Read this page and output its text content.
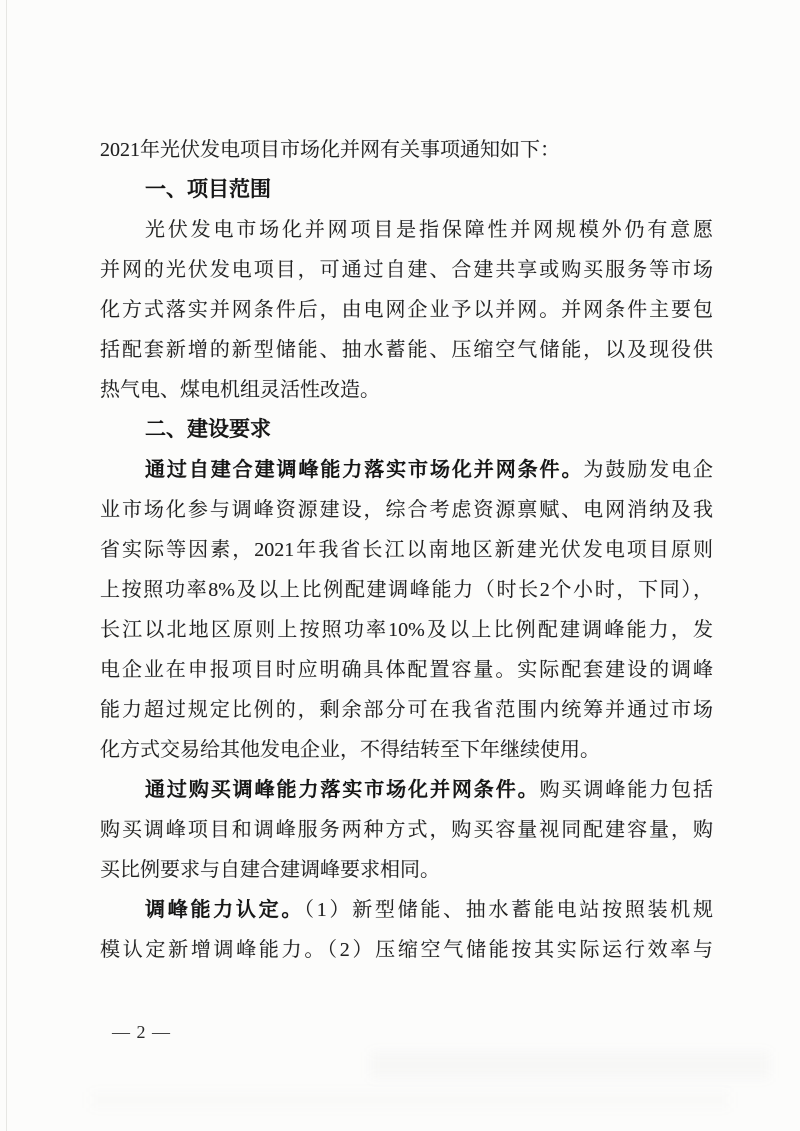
2021年光伏发电项目市场化并网有关事项通知如下：
一、项目范围
光伏发电市场化并网项目是指保障性并网规模外仍有意愿
并网的光伏发电项目，可通过自建、合建共享或购买服务等市场
化方式落实并网条件后，由电网企业予以并网。并网条件主要包
括配套新增的新型储能、抽水蓄能、压缩空气储能，以及现役供
热气电、煤电机组灵活性改造。
二、建设要求
通过自建合建调峰能力落实市场化并网条件。为鼓励发电企
业市场化参与调峰资源建设，综合考虑资源禀赋、电网消纳及我
省实际等因素，2021年我省长江以南地区新建光伏发电项目原则
上按照功率8%及以上比例配建调峰能力（时长2个小时，下同），
长江以北地区原则上按照功率10%及以上比例配建调峰能力，发
电企业在申报项目时应明确具体配置容量。实际配套建设的调峰
能力超过规定比例的，剩余部分可在我省范围内统筹并通过市场
化方式交易给其他发电企业，不得结转至下年继续使用。
通过购买调峰能力落实市场化并网条件。购买调峰能力包括
购买调峰项目和调峰服务两种方式，购买容量视同配建容量，购
买比例要求与自建合建调峰要求相同。
调峰能力认定。（1）新型储能、抽水蓄能电站按照装机规
模认定新增调峰能力。（2）压缩空气储能按其实际运行效率与
— 2 —
